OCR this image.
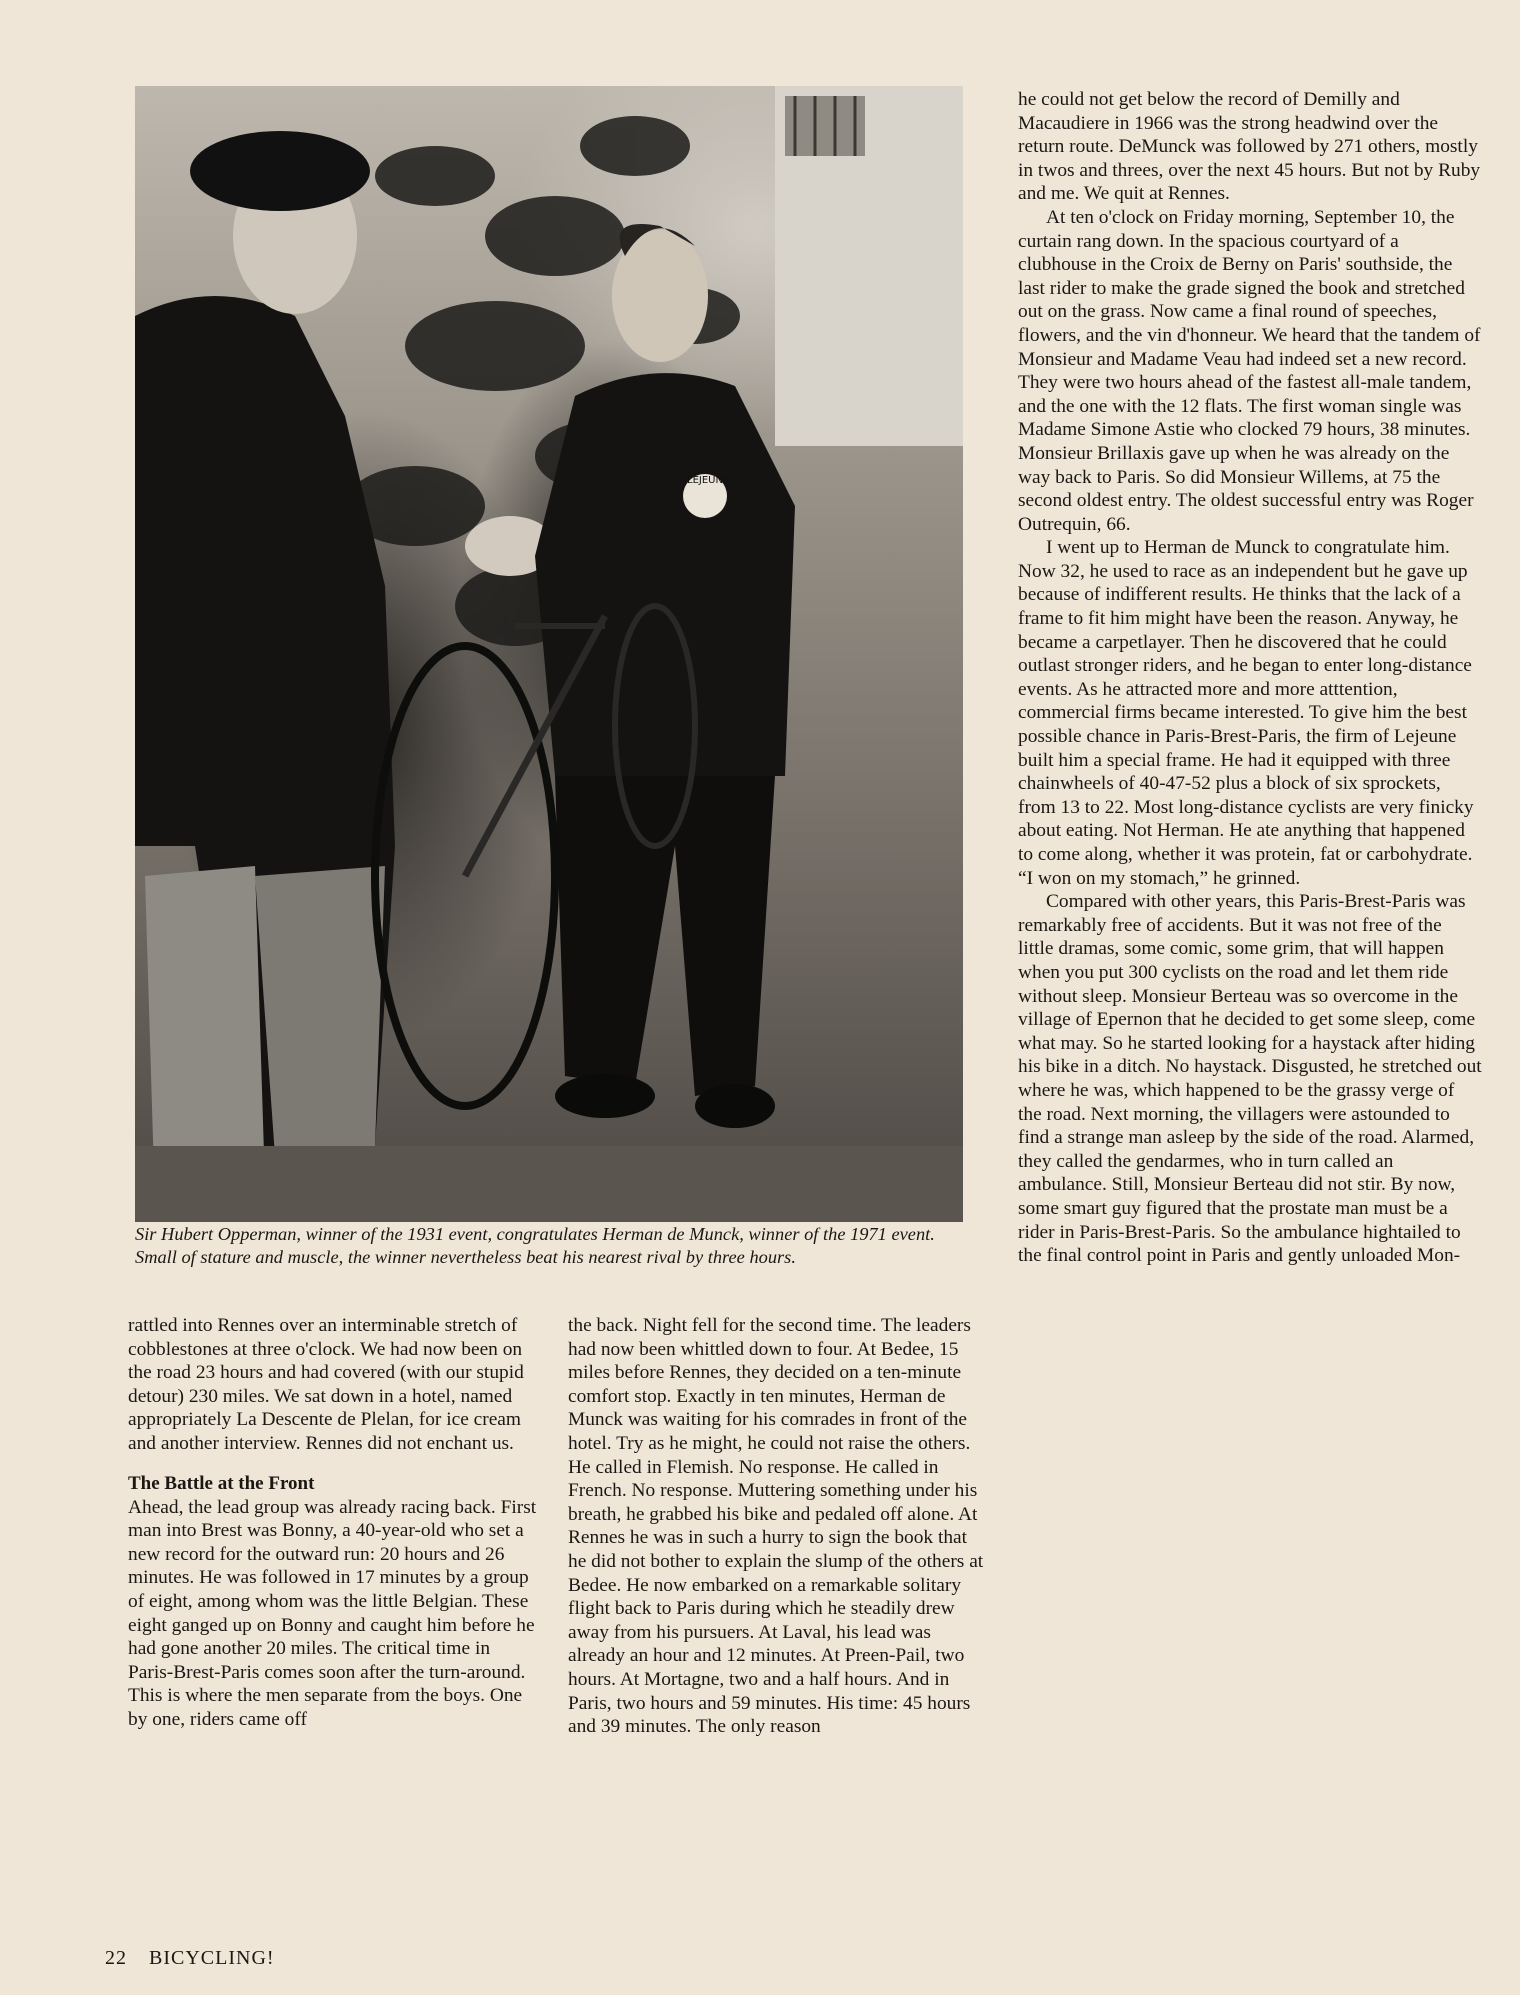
LEJEUNE

Sir Hubert Opperman, winner of the 1931 event, congratulates Herman de Munck, winner of the 1971 event. Small of stature and muscle, the winner nevertheless beat his nearest rival by three hours.

rattled into Rennes over an interminable stretch of cobblestones at three o'clock. We had now been on the road 23 hours and had covered (with our stupid detour) 230 miles. We sat down in a hotel, named appropriately La Descente de Plelan, for ice cream and another interview. Rennes did not enchant us.

The Battle at the Front

Ahead, the lead group was already racing back. First man into Brest was Bonny, a 40-year-old who set a new record for the outward run: 20 hours and 26 minutes. He was followed in 17 minutes by a group of eight, among whom was the little Belgian. These eight ganged up on Bonny and caught him before he had gone another 20 miles. The critical time in Paris-Brest-Paris comes soon after the turn-around. This is where the men separate from the boys. One by one, riders came off

the back. Night fell for the second time. The leaders had now been whittled down to four. At Bedee, 15 miles before Rennes, they decided on a ten-minute comfort stop. Exactly in ten minutes, Herman de Munck was waiting for his comrades in front of the hotel. Try as he might, he could not raise the others. He called in Flemish. No response. He called in French. No response. Muttering something under his breath, he grabbed his bike and pedaled off alone. At Rennes he was in such a hurry to sign the book that he did not bother to explain the slump of the others at Bedee. He now embarked on a remarkable solitary flight back to Paris during which he steadily drew away from his pursuers. At Laval, his lead was already an hour and 12 minutes. At Preen-Pail, two hours. At Mortagne, two and a half hours. And in Paris, two hours and 59 minutes. His time: 45 hours and 39 minutes. The only reason

he could not get below the record of Demilly and Macaudiere in 1966 was the strong headwind over the return route. DeMunck was followed by 271 others, mostly in twos and threes, over the next 45 hours. But not by Ruby and me. We quit at Rennes.

At ten o'clock on Friday morning, September 10, the curtain rang down. In the spacious courtyard of a clubhouse in the Croix de Berny on Paris' southside, the last rider to make the grade signed the book and stretched out on the grass. Now came a final round of speeches, flowers, and the vin d'honneur. We heard that the tandem of Monsieur and Madame Veau had indeed set a new record. They were two hours ahead of the fastest all-male tandem, and the one with the 12 flats. The first woman single was Madame Simone Astie who clocked 79 hours, 38 minutes. Monsieur Brillaxis gave up when he was already on the way back to Paris. So did Monsieur Willems, at 75 the second oldest entry. The oldest successful entry was Roger Outrequin, 66.

I went up to Herman de Munck to congratulate him. Now 32, he used to race as an independent but he gave up because of indifferent results. He thinks that the lack of a frame to fit him might have been the reason. Anyway, he became a carpetlayer. Then he discovered that he could outlast stronger riders, and he began to enter long-distance events. As he attracted more and more atttention, commercial firms became interested. To give him the best possible chance in Paris-Brest-Paris, the firm of Lejeune built him a special frame. He had it equipped with three chainwheels of 40-47-52 plus a block of six sprockets, from 13 to 22. Most long-distance cyclists are very finicky about eating. Not Herman. He ate anything that happened to come along, whether it was protein, fat or carbohydrate. “I won on my stomach,” he grinned.

Compared with other years, this Paris-Brest-Paris was remarkably free of accidents. But it was not free of the little dramas, some comic, some grim, that will happen when you put 300 cyclists on the road and let them ride without sleep. Monsieur Berteau was so overcome in the village of Epernon that he decided to get some sleep, come what may. So he started looking for a haystack after hiding his bike in a ditch. No haystack. Disgusted, he stretched out where he was, which happened to be the grassy verge of the road. Next morning, the villagers were astounded to find a strange man asleep by the side of the road. Alarmed, they called the gendarmes, who in turn called an ambulance. Still, Monsieur Berteau did not stir. By now, some smart guy figured that the prostate man must be a rider in Paris-Brest-Paris. So the ambulance hightailed to the final control point in Paris and gently unloaded Mon-

22 BICYCLING!
